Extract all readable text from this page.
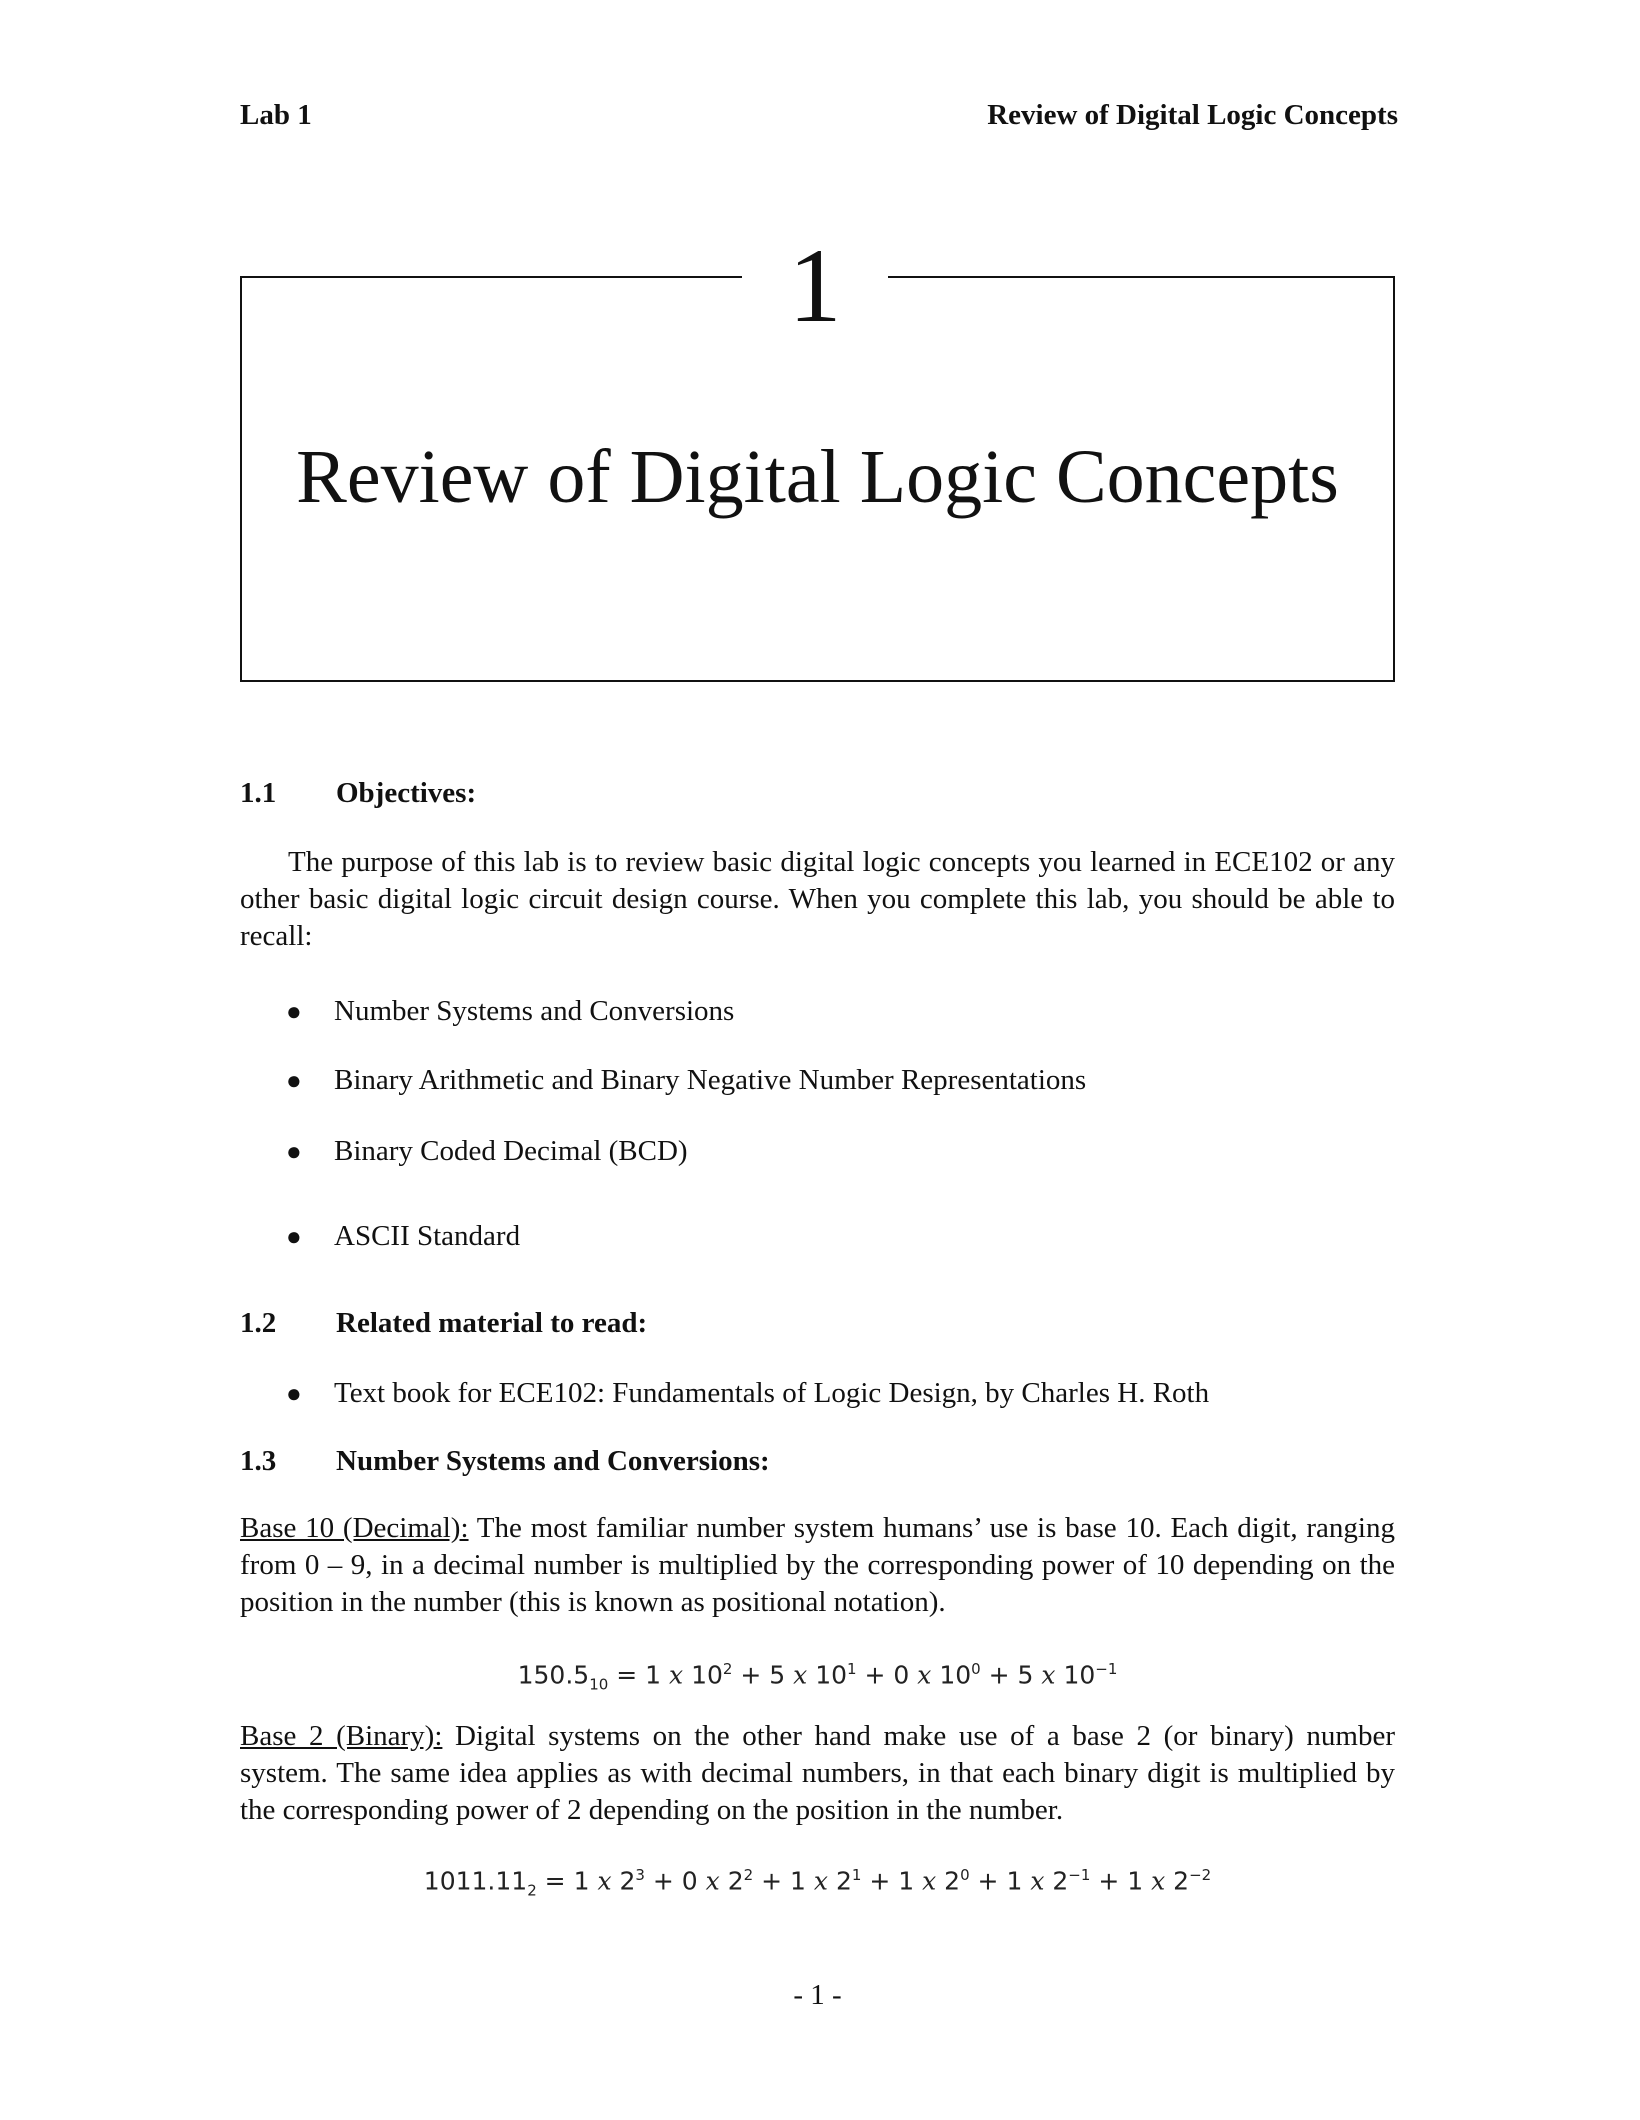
Lab 1	Review of Digital Logic Concepts
1
Review of Digital Logic Concepts
1.1 Objectives:
The purpose of this lab is to review basic digital logic concepts you learned in ECE102 or any other basic digital logic circuit design course. When you complete this lab, you should be able to recall:
● Number Systems and Conversions
● Binary Arithmetic and Binary Negative Number Representations
● Binary Coded Decimal (BCD)
● ASCII Standard
1.2 Related material to read:
● Text book for ECE102: Fundamentals of Logic Design, by Charles H. Roth
1.3 Number Systems and Conversions:
Base 10 (Decimal): The most familiar number system humans’ use is base 10. Each digit, ranging from 0 – 9, in a decimal number is multiplied by the corresponding power of 10 depending on the position in the number (this is known as positional notation).
$150.5_{10} = 1$ x $10^2 + 5$ x $10^1 + 0$ x $10^0 + 5$ x $10^{-1}$
Base 2 (Binary): Digital systems on the other hand make use of a base 2 (or binary) number system. The same idea applies as with decimal numbers, in that each binary digit is multiplied by the corresponding power of 2 depending on the position in the number.
$1011.11_2 = 1$ x $2^3 + 0$ x $2^2 + 1$ x $2^1 + 1$ x $2^0 + 1$ x $2^{-1} + 1$ x $2^{-2}$
- 1 -
